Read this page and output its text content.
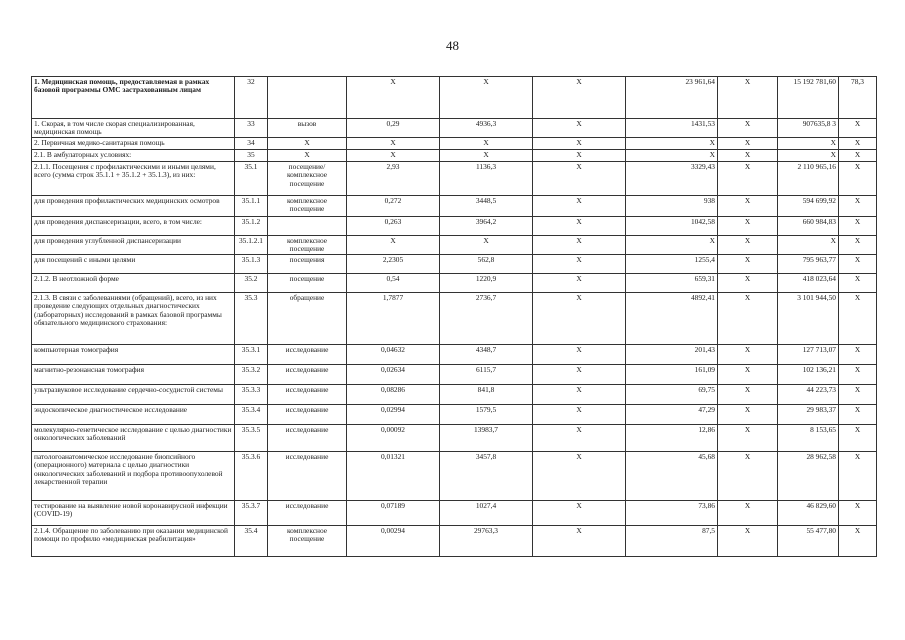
48
1. Медицинская помощь, предоставляемая в рамках базовой программы ОМС застрахованным лицам	32		X	X	X	23 961,64	X	15 192 781,60	78,3
1. Скорая, в том числе скорая специализированная, медицинская помощь	33	вызов	0,29	4936,3	X	1431,53	X	907635,8 3	X
2. Первичная медико-санитарная помощь	34	X	X	X	X	X	X	X	X
2.1. В амбулаторных условиях:	35	X	X	X	X	X	X	X	X
2.1.1. Посещения с профилактическими и иными целями, всего (сумма строк 35.1.1 + 35.1.2 + 35.1.3), из них:	35.1	посещение/ комплексное посещение	2,93	1136,3	X	3329,43	X	2 110 965,16	X
для проведения профилактических медицинских осмотров	35.1.1	комплексное посещение	0,272	3448,5	X	938	X	594 699,92	X
для проведения диспансеризации, всего, в том числе:	35.1.2		0,263	3964,2	X	1042,58	X	660 984,83	X
для проведения углубленной диспансеризации	35.1.2.1	комплексное посещение	X	X	X	X	X	X	X
для посещений с иными целями	35.1.3	посещения	2,2305	562,8	X	1255,4	X	795 963,77	X
2.1.2. В неотложной форме	35.2	посещение	0,54	1220,9	X	659,31	X	418 023,64	X
2.1.3. В связи с заболеваниями (обращений), всего, из них проведение следующих отдельных диагностических (лабораторных) исследований в рамках базовой программы обязательного медицинского страхования:	35.3	обращение	1,7877	2736,7	X	4892,41	X	3 101 944,50	X
компьютерная томография	35.3.1	исследование	0,04632	4348,7	X	201,43	X	127 713,07	X
магнитно-резонансная томография	35.3.2	исследование	0,02634	6115,7	X	161,09	X	102 136,21	X
ультразвуковое исследование сердечно-сосудистой системы	35.3.3	исследование	0,08286	841,8	X	69,75	X	44 223,73	X
эндоскопическое диагностическое исследование	35.3.4	исследование	0,02994	1579,5	X	47,29	X	29 983,37	X
молекулярно-генетическое исследование с целью диагностики онкологических заболеваний	35.3.5	исследование	0,00092	13983,7	X	12,86	X	8 153,65	X
патологоанатомическое исследование биопсийного (операционного) материала с целью диагностики онкологических заболеваний и подбора противоопухолевой лекарственной терапии	35.3.6	исследование	0,01321	3457,8	X	45,68	X	28 962,58	X
тестирование на выявление новой коронавирусной инфекции (COVID-19)	35.3.7	исследование	0,07189	1027,4	X	73,86	X	46 829,60	X
2.1.4. Обращение по заболеванию при оказании медицинской помощи по профилю «медицинская реабилитация»	35.4	комплексное посещение	0,00294	29763,3	X	87,5	X	55 477,80	X
